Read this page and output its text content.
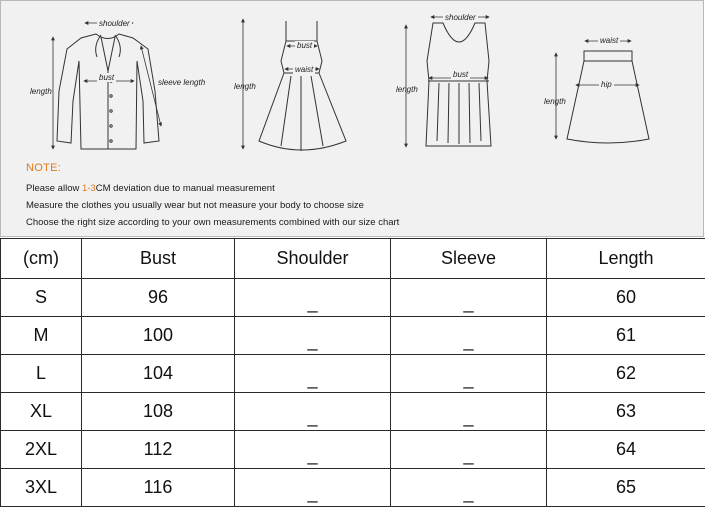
shoulder
bust
length
sleeve length
bust
waist
length
shoulder
bust
length
waist
hip
length
NOTE:
Please allow 1-3CM deviation due to manual measurement
Measure the clothes you usually wear but not measure your body to choose size
Choose the right size according to your own measurements combined with our size chart
(cm)	Bust	Shoulder	Sleeve	Length
S	96	_	_	60
M	100	_	_	61
L	104	_	_	62
XL	108	_	_	63
2XL	112	_	_	64
3XL	116	_	_	65
